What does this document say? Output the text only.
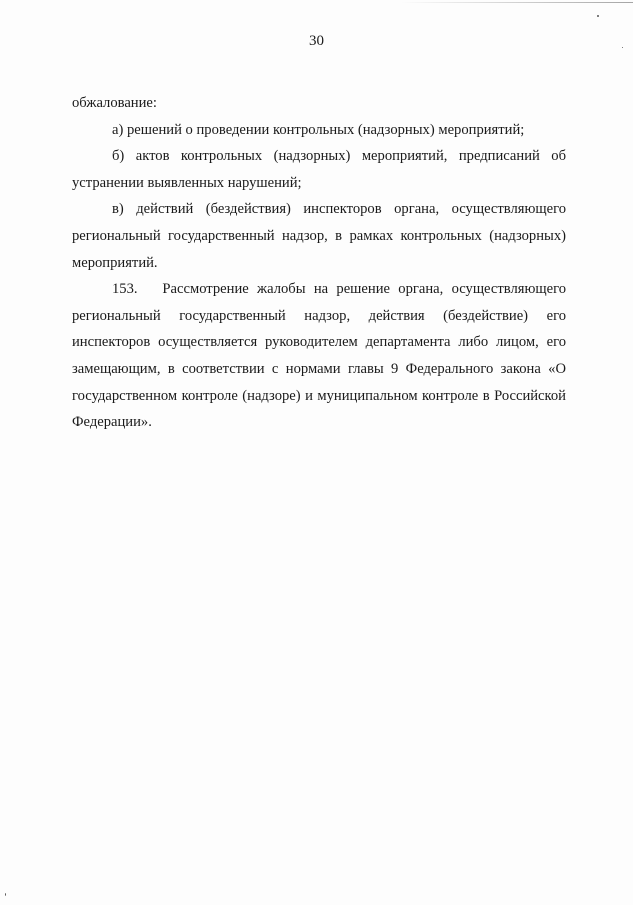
30

обжалование:

а) решений о проведении контрольных (надзорных) мероприятий;

б) актов контрольных (надзорных) мероприятий, предписаний об устранении выявленных нарушений;

в) действий (бездействия) инспекторов органа, осуществляющего региональный государственный надзор, в рамках контрольных (надзорных) мероприятий.

153.   Рассмотрение жалобы на решение органа, осуществляющего региональный государственный надзор, действия (бездействие) его инспекторов осуществляется руководителем департамента либо лицом, его замещающим, в соответствии с нормами главы 9 Федерального закона «О государственном контроле (надзоре) и муниципальном контроле в Российской Федерации».
